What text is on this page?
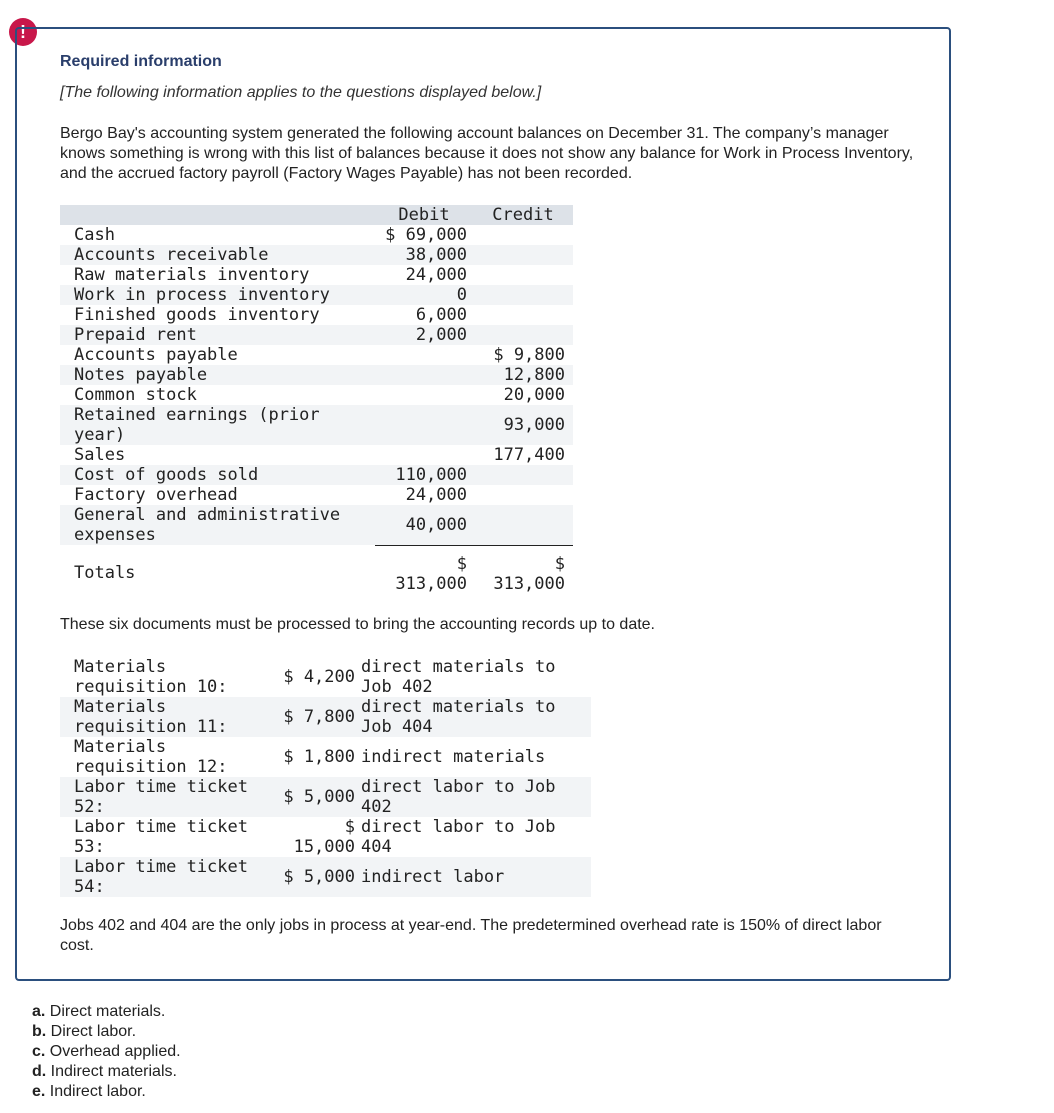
!
Required information
[The following information applies to the questions displayed below.]
Bergo Bay's accounting system generated the following account balances on December 31. The company’s manager knows something is wrong with this list of balances because it does not show any balance for Work in Process Inventory, and the accrued factory payroll (Factory Wages Payable) has not been recorded.
	Debit	Credit
Cash	$ 69,000	
Accounts receivable	38,000	
Raw materials inventory	24,000	
Work in process inventory	0	
Finished goods inventory	6,000	
Prepaid rent	2,000	
Accounts payable		$ 9,800
Notes payable		12,800
Common stock		20,000
Retained earnings (prior year)		93,000
Sales		177,400
Cost of goods sold	110,000	
Factory overhead	24,000	
General and administrative expenses	40,000	
Totals	$ 313,000	$ 313,000
These six documents must be processed to bring the accounting records up to date.
Materials requisition 10:	$ 4,200	direct materials to Job 402
Materials requisition 11:	$ 7,800	direct materials to Job 404
Materials requisition 12:	$ 1,800	indirect materials
Labor time ticket 52:	$ 5,000	direct labor to Job 402
Labor time ticket 53:	$ 15,000	direct labor to Job 404
Labor time ticket 54:	$ 5,000	indirect labor
Jobs 402 and 404 are the only jobs in process at year-end. The predetermined overhead rate is 150% of direct labor cost.
a. Direct materials.
b. Direct labor.
c. Overhead applied.
d. Indirect materials.
e. Indirect labor.
